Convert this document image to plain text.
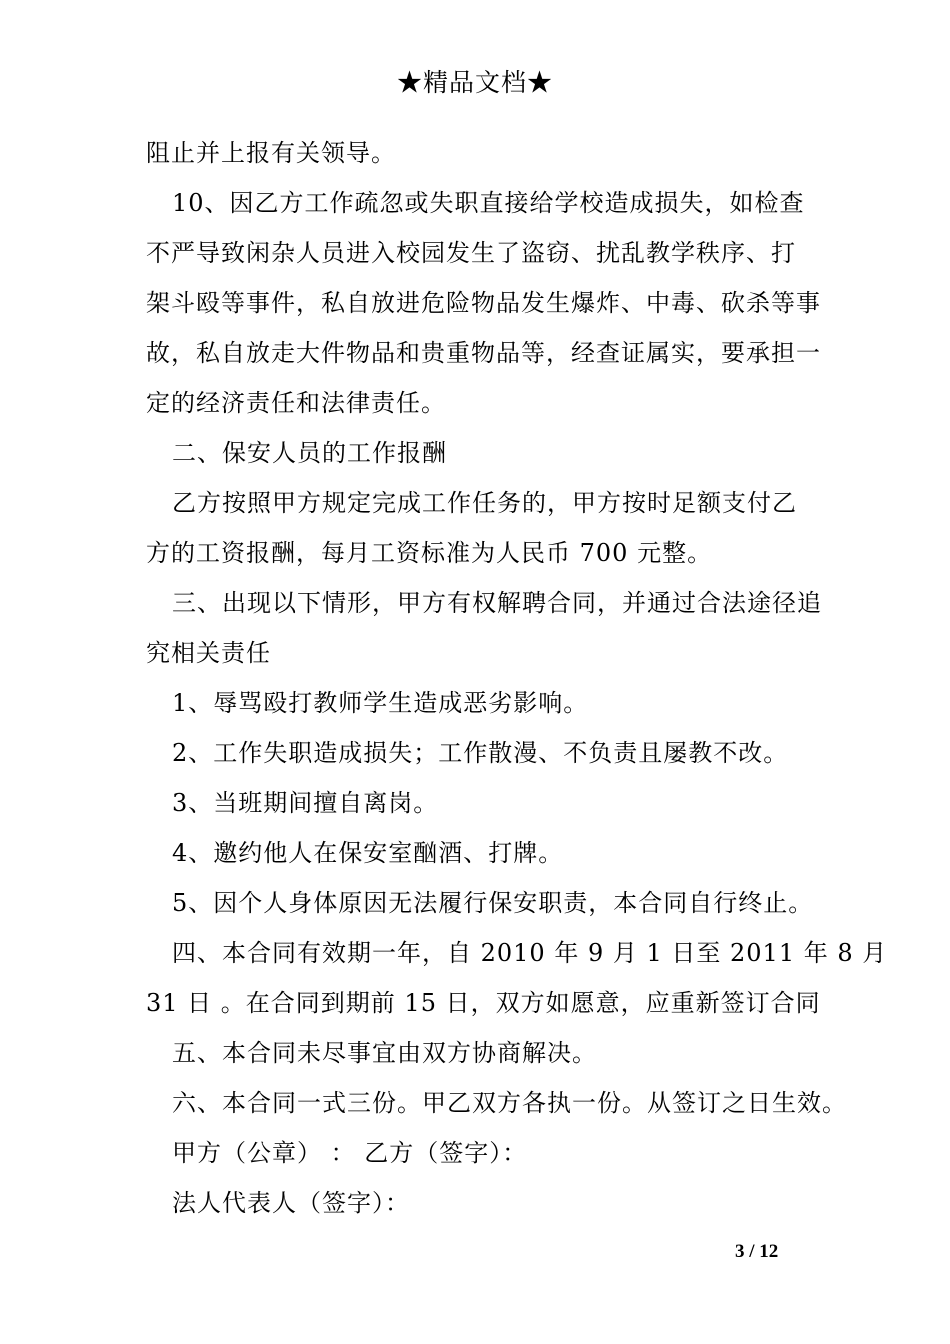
★精品文档★
阻止并上报有关领导。
10、因乙方工作疏忽或失职直接给学校造成损失，如检查
不严导致闲杂人员进入校园发生了盗窃、扰乱教学秩序、打
架斗殴等事件，私自放进危险物品发生爆炸、中毒、砍杀等事
故，私自放走大件物品和贵重物品等，经查证属实，要承担一
定的经济责任和法律责任。
二、保安人员的工作报酬
乙方按照甲方规定完成工作任务的，甲方按时足额支付乙
方的工资报酬，每月工资标准为人民币 700 元整。
三、出现以下情形，甲方有权解聘合同，并通过合法途径追
究相关责任
1、辱骂殴打教师学生造成恶劣影响。
2、工作失职造成损失；工作散漫、不负责且屡教不改。
3、当班期间擅自离岗。
4、邀约他人在保安室酗酒、打牌。
5、因个人身体原因无法履行保安职责，本合同自行终止。
四、本合同有效期一年，自 2010 年 9 月 1 日至 2011 年 8 月
31 日 。在合同到期前 15 日，双方如愿意，应重新签订合同
五、本合同未尽事宜由双方协商解决。
六、本合同一式三份。甲乙双方各执一份。从签订之日生效。
甲方（公章） ： 乙方（签字）：
法人代表人（签字）：
3 / 12
